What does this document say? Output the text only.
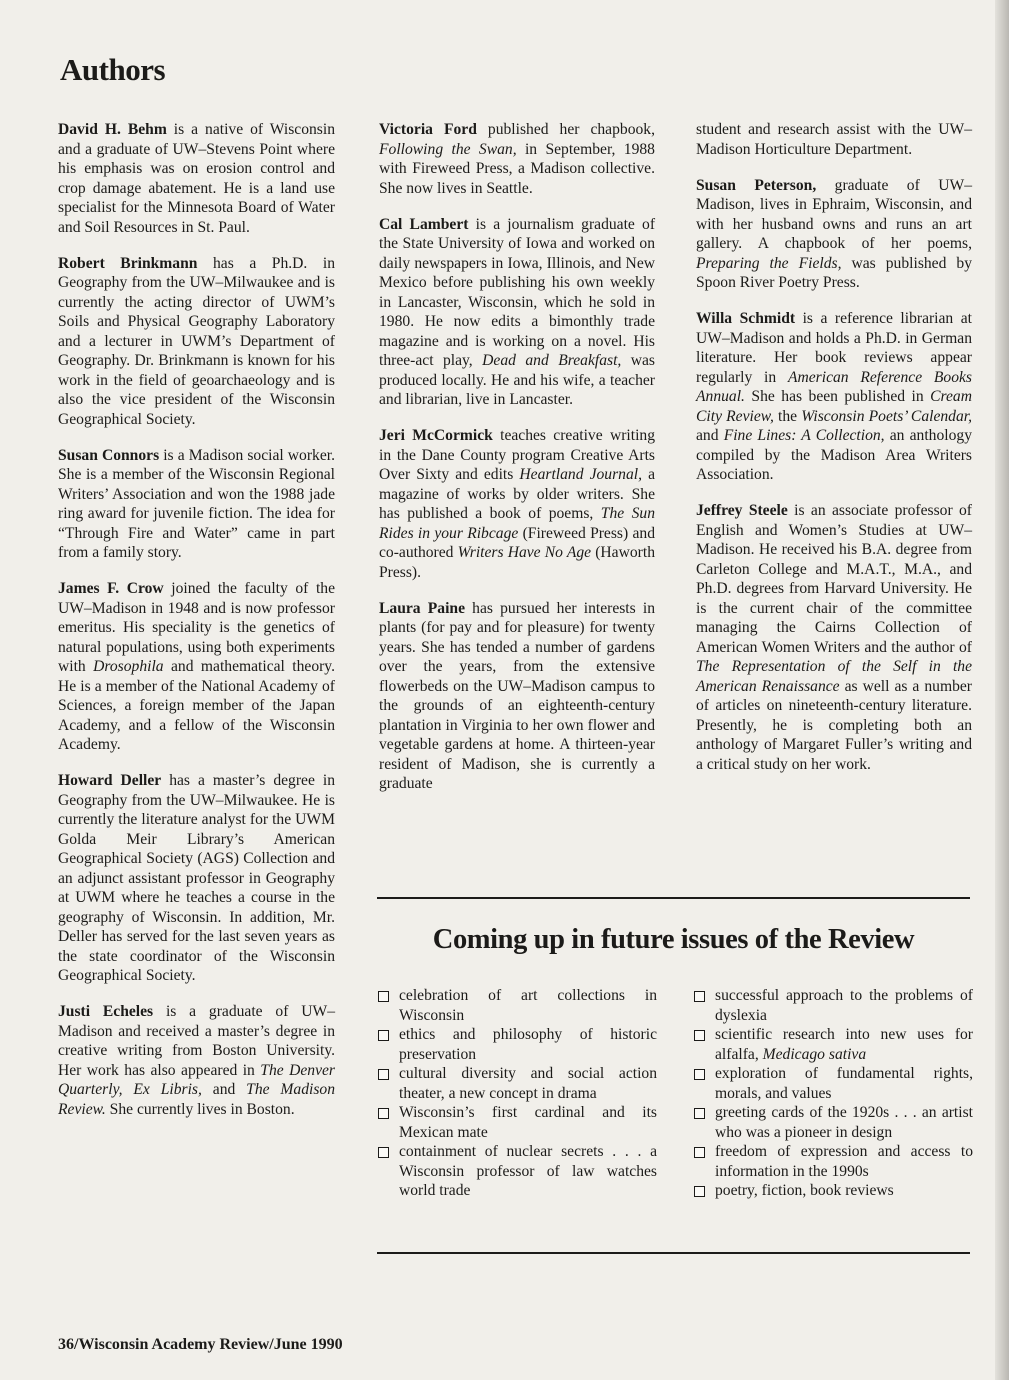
Authors

David H. Behm is a native of Wisconsin and a graduate of UW–Stevens Point where his emphasis was on erosion control and crop damage abatement. He is a land use specialist for the Minnesota Board of Water and Soil Resources in St. Paul.

Robert Brinkmann has a Ph.D. in Geography from the UW–Milwaukee and is currently the acting director of UWM’s Soils and Physical Geography Laboratory and a lecturer in UWM’s Department of Geography. Dr. Brinkmann is known for his work in the field of geoarchaeology and is also the vice president of the Wisconsin Geographical Society.

Susan Connors is a Madison social worker. She is a member of the Wisconsin Regional Writers’ Association and won the 1988 jade ring award for juvenile fiction. The idea for “Through Fire and Water” came in part from a family story.

James F. Crow joined the faculty of the UW–Madison in 1948 and is now professor emeritus. His speciality is the genetics of natural populations, using both experiments with Drosophila and mathematical theory. He is a member of the National Academy of Sciences, a foreign member of the Japan Academy, and a fellow of the Wisconsin Academy.

Howard Deller has a master’s degree in Geography from the UW–Milwaukee. He is currently the literature analyst for the UWM Golda Meir Library’s American Geographical Society (AGS) Collection and an adjunct assistant professor in Geography at UWM where he teaches a course in the geography of Wisconsin. In addition, Mr. Deller has served for the last seven years as the state coordinator of the Wisconsin Geographical Society.

Justi Echeles is a graduate of UW–Madison and received a master’s degree in creative writing from Boston University. Her work has also appeared in The Denver Quarterly, Ex Libris, and The Madison Review. She currently lives in Boston.

Victoria Ford published her chapbook, Following the Swan, in September, 1988 with Fireweed Press, a Madison collective. She now lives in Seattle.

Cal Lambert is a journalism graduate of the State University of Iowa and worked on daily newspapers in Iowa, Illinois, and New Mexico before publishing his own weekly in Lancaster, Wisconsin, which he sold in 1980. He now edits a bimonthly trade magazine and is working on a novel. His three-act play, Dead and Breakfast, was produced locally. He and his wife, a teacher and librarian, live in Lancaster.

Jeri McCormick teaches creative writing in the Dane County program Creative Arts Over Sixty and edits Heartland Journal, a magazine of works by older writers. She has published a book of poems, The Sun Rides in your Ribcage (Fireweed Press) and co-authored Writers Have No Age (Haworth Press).

Laura Paine has pursued her interests in plants (for pay and for pleasure) for twenty years. She has tended a number of gardens over the years, from the extensive flowerbeds on the UW–Madison campus to the grounds of an eighteenth-century plantation in Virginia to her own flower and vegetable gardens at home. A thirteen-year resident of Madison, she is currently a graduate

student and research assist with the UW–Madison Horticulture Department.

Susan Peterson, graduate of UW–Madison, lives in Ephraim, Wisconsin, and with her husband owns and runs an art gallery. A chapbook of her poems, Preparing the Fields, was published by Spoon River Poetry Press.

Willa Schmidt is a reference librarian at UW–Madison and holds a Ph.D. in German literature. Her book reviews appear regularly in American Reference Books Annual. She has been published in Cream City Review, the Wisconsin Poets’ Calendar, and Fine Lines: A Collection, an anthology compiled by the Madison Area Writers Association.

Jeffrey Steele is an associate professor of English and Women’s Studies at UW–Madison. He received his B.A. degree from Carleton College and M.A.T., M.A., and Ph.D. degrees from Harvard University. He is the current chair of the committee managing the Cairns Collection of American Women Writers and the author of The Representation of the Self in the American Renaissance as well as a number of articles on nineteenth-century literature. Presently, he is completing both an anthology of Margaret Fuller’s writing and a critical study on her work.

Coming up in future issues of the Review
celebration of art collections in Wisconsin
ethics and philosophy of historic preservation
cultural diversity and social action theater, a new concept in drama
Wisconsin’s first cardinal and its Mexican mate
containment of nuclear secrets . . . a Wisconsin professor of law watches world trade
successful approach to the problems of dyslexia
scientific research into new uses for alfalfa, Medicago sativa
exploration of fundamental rights, morals, and values
greeting cards of the 1920s . . . an artist who was a pioneer in design
freedom of expression and access to information in the 1990s
poetry, fiction, book reviews
36/Wisconsin Academy Review/June 1990
